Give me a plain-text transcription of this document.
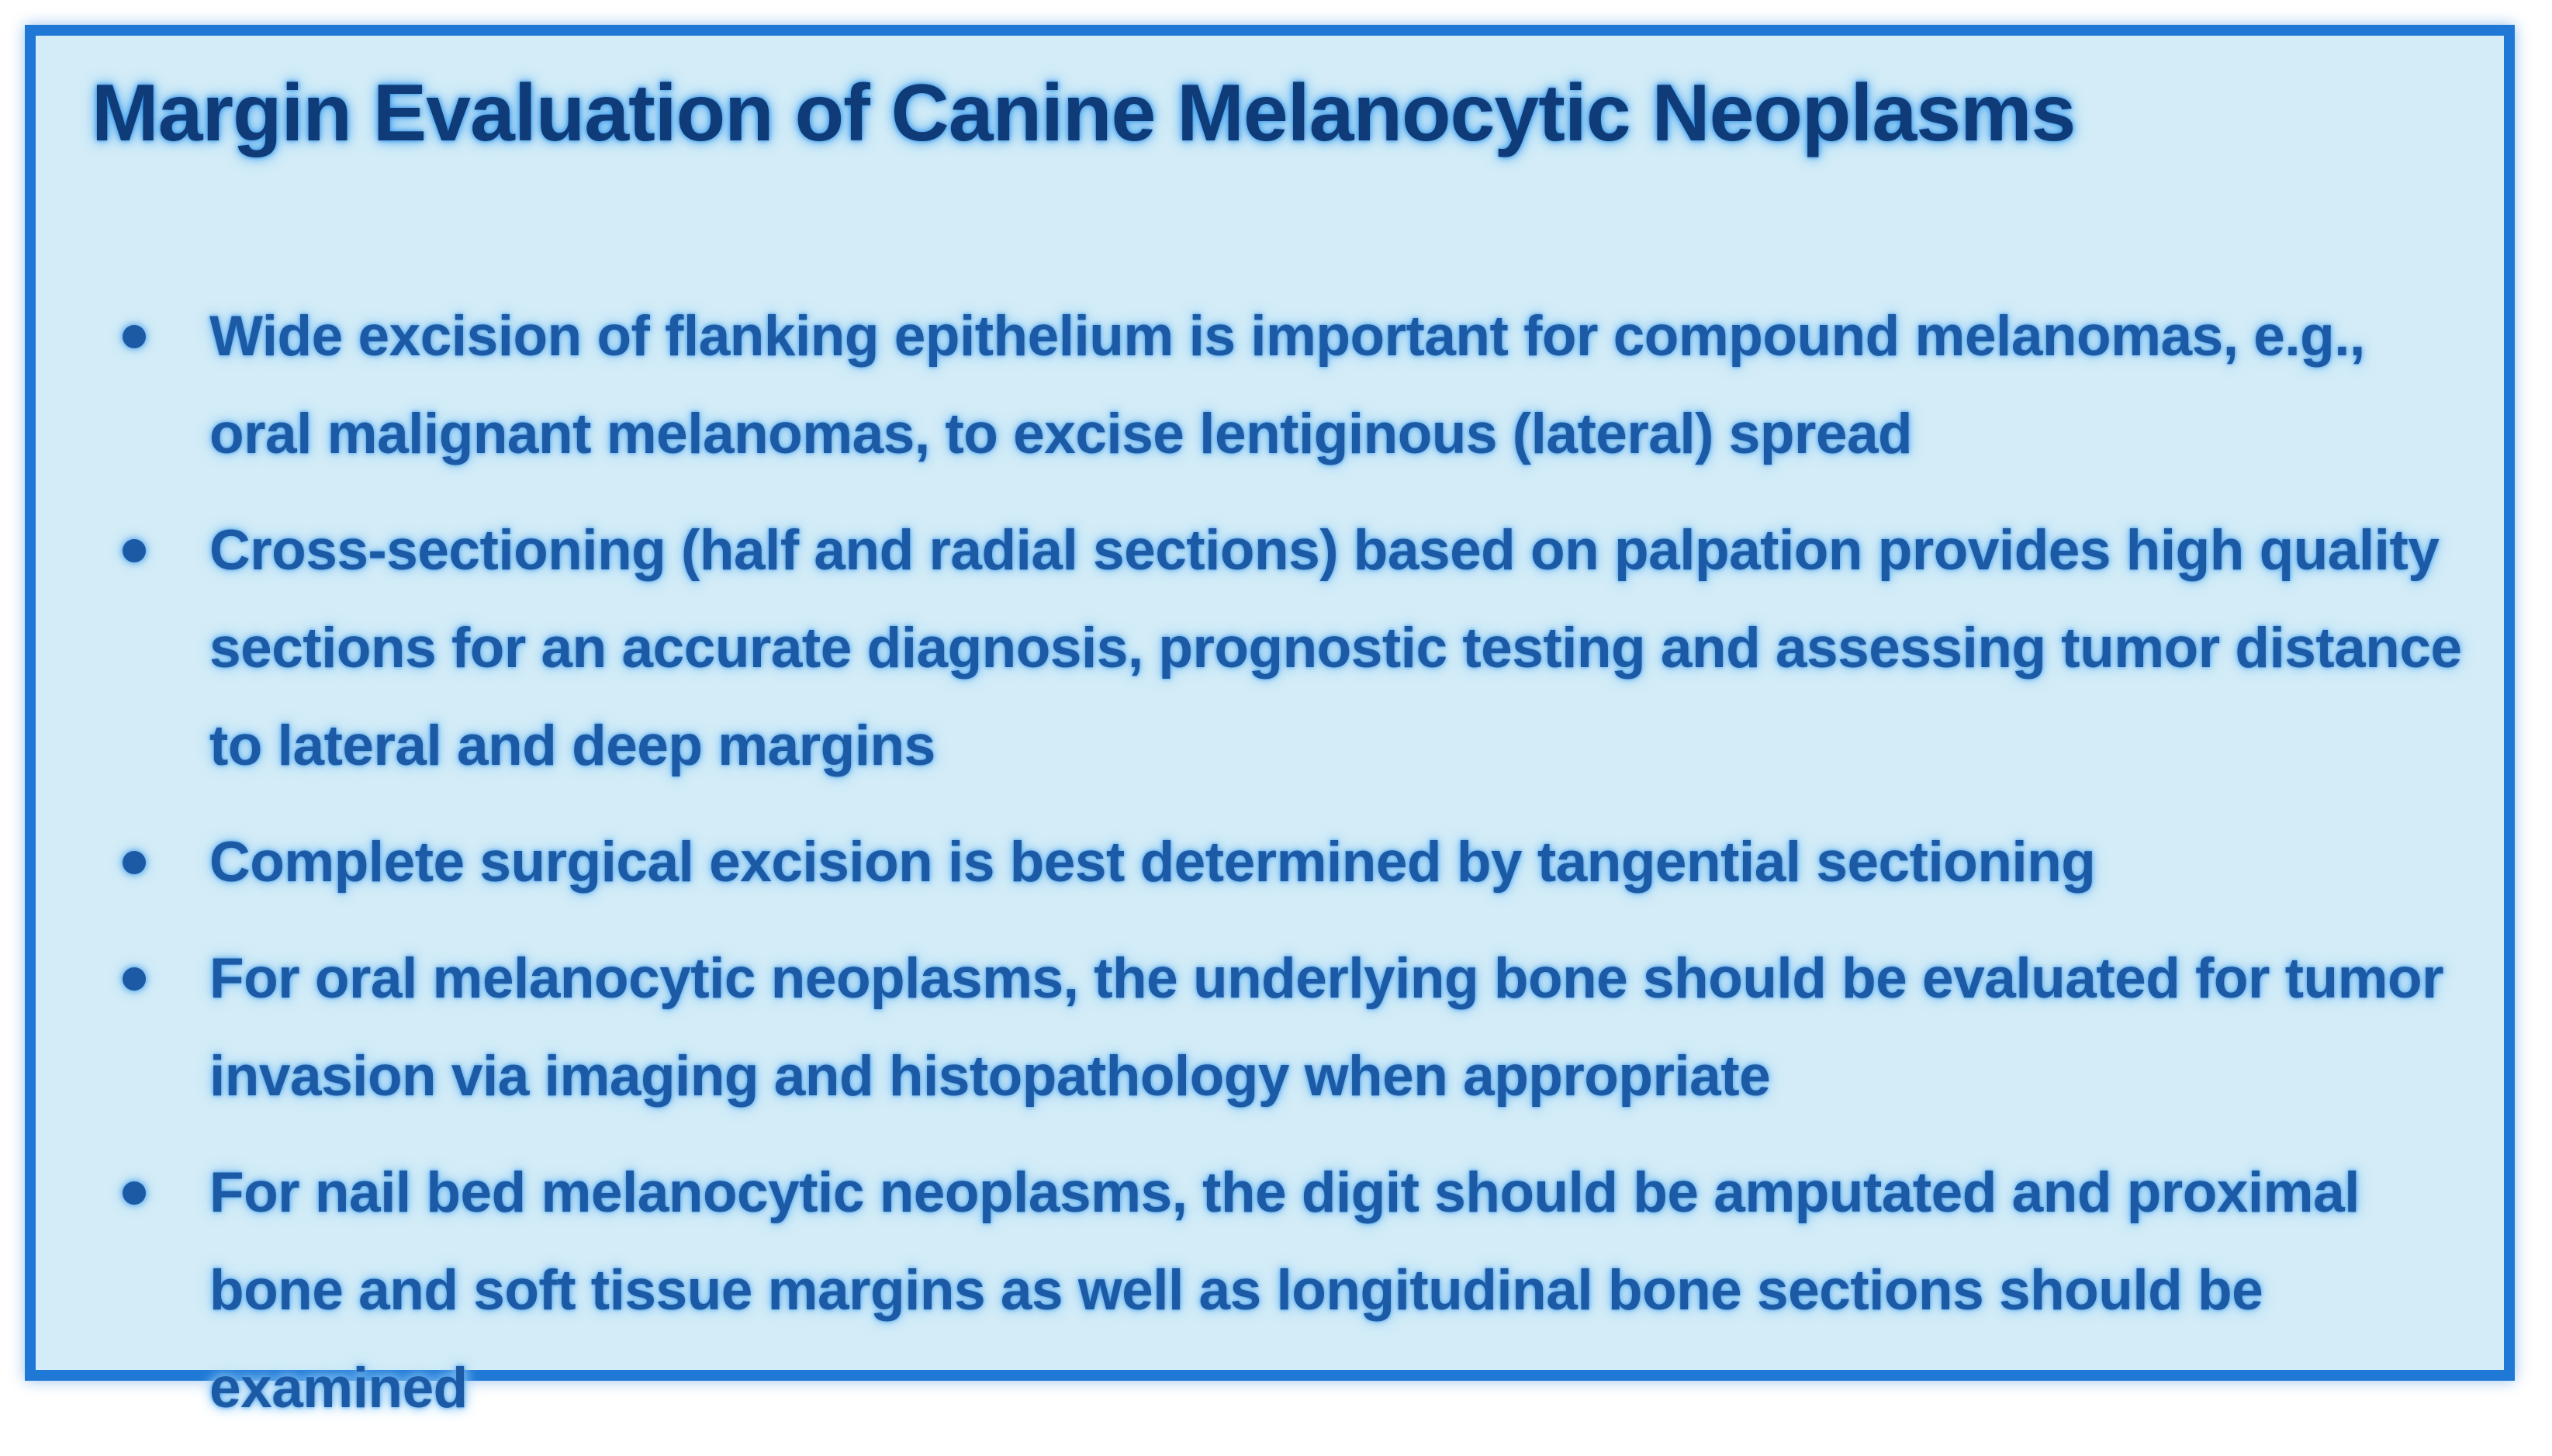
Margin Evaluation of Canine Melanocytic Neoplasms
Wide excision of flanking epithelium is important for compound melanomas, e.g., oral malignant melanomas, to excise lentiginous (lateral) spread
Cross-sectioning (half and radial sections) based on palpation provides high quality sections for an accurate diagnosis, prognostic testing and assessing tumor distance to lateral and deep margins
Complete surgical excision is best determined by tangential sectioning
For oral melanocytic neoplasms, the underlying bone should be evaluated for tumor invasion via imaging and histopathology when appropriate
For nail bed melanocytic neoplasms, the digit should be amputated and proximal bone and soft tissue margins as well as longitudinal bone sections should be examined
